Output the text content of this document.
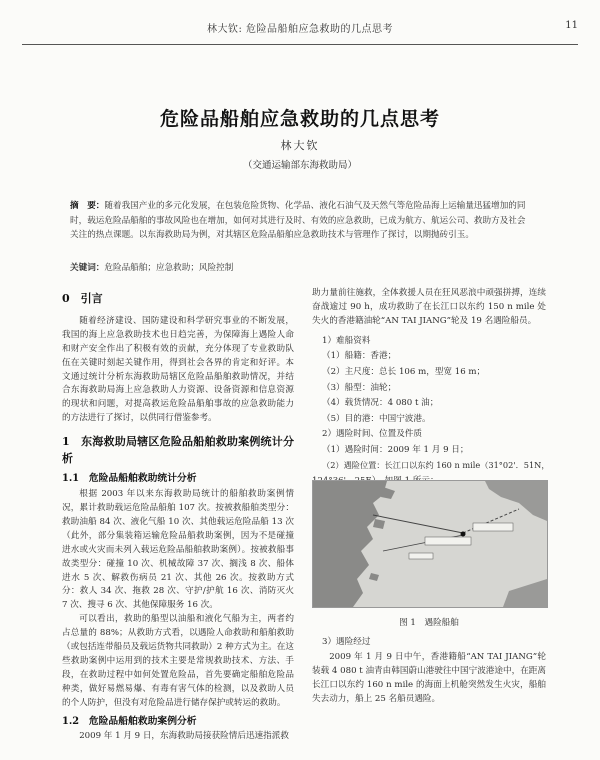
林大钦: 危险品船舶应急救助的几点思考	11
危险品船舶应急救助的几点思考
林大钦
（交通运输部东海救助局）
摘　要：随着我国产业的多元化发展，在包装危险货物、化学品、液化石油气及天然气等危险品海上运输量迅猛增加的同时，载运危险品船舶的事故风险也在增加，如何对其进行及时、有效的应急救助，已成为航方、航运公司、救助方及社会关注的热点课题。以东海救助局为例，对其辖区危险品船舶应急救助技术与管理作了探讨，以期抛砖引玉。
关键词：危险品船舶；应急救助；风险控制
0　引言

随着经济建设、国防建设和科学研究事业的不断发展，我国的海上应急救助技术也日趋完善，为保障海上遇险人命和财产安全作出了积极有效的贡献，充分体现了专业救助队伍在关键时刻起关键作用，得到社会各界的肯定和好评。本文通过统计分析东海救助局辖区危险品船舶救助情况，并结合东海救助局海上应急救助人力资源、设备资源和信息资源的现状和问题，对提高救运危险品船舶事故的应急救助能力的方法进行了探讨，以供同行借鉴参考。

1　东海救助局辖区危险品船舶救助案例统计分析
1.1　危险品船舶救助统计分析

根据 2003 年以来东海救助局统计的船舶救助案例情况，累计救助载运危险品船舶 107 次。按被救船舶类型分：救助油船 84 次、液化气船 10 次、其他载运危险品船 13 次（此外，部分集装箱运输危险品船救助案例，因为不是碰撞进水或火灾而未列入载运危险品船舶救助案例）。按被救船事故类型分：碰撞 10 次、机械故障 37 次、搁浅 8 次、船体进水 5 次、解救伤病员 21 次、其他 26 次。按救助方式分：救人 34 次、拖救 28 次、守护/护航 16 次、消防灭火 7 次、搜寻 6 次、其他保障服务 16 次。

可以看出，救助的船型以油船和液化气船为主，两者约占总量的 88%；从救助方式看，以遇险人命救助和船舶救助（或包括连带船员及载运货物共同救助）2 种方式为主。在这些救助案例中运用到的技术主要是常规救助技术、方法、手段，在救助过程中如何处置危险品，首先要确定船舶危险品种类，做好易燃易爆、有毒有害气体的检测，以及救助人员的个人防护，但没有对危险品进行储存保护或转运的救助。

1.2　危险品船舶救助案例分析

2009 年 1 月 9 日，东海救助局接获险情后迅速指派救

助力量前往施救，全体救援人员在狂风恶浪中顽强拼搏，连续奋战逾过 90 h，成功救助了在长江口以东约 150 n mile 处失火的香港籍油轮“AN TAI JIANG”轮及 19 名遇险船员。

1）难船资料

（1）船籍：香港；

（2）主尺度：总长 106 m，型宽 16 m；

（3）船型：油轮；

（4）载货情况：4 080 t 油；

（5）目的港：中国宁波港。

2）遇险时间、位置及件质

（1）遇险时间：2009 年 1 月 9 日；

（2）遇险位置：长江口以东约 160 n mile（31°02'．51N，

图 1　遇险船舶
3）遇险经过

2009 年 1 月 9 日中午，香港籍船“AN TAI JIANG”轮装载 4 080 t 油青由韩国蔚山港驶往中国宁波港途中，在距离长江口以东约 160 n mile 的海面上机舱突然发生火灾，船舶失去动力，船上 25 名船员遇险。
